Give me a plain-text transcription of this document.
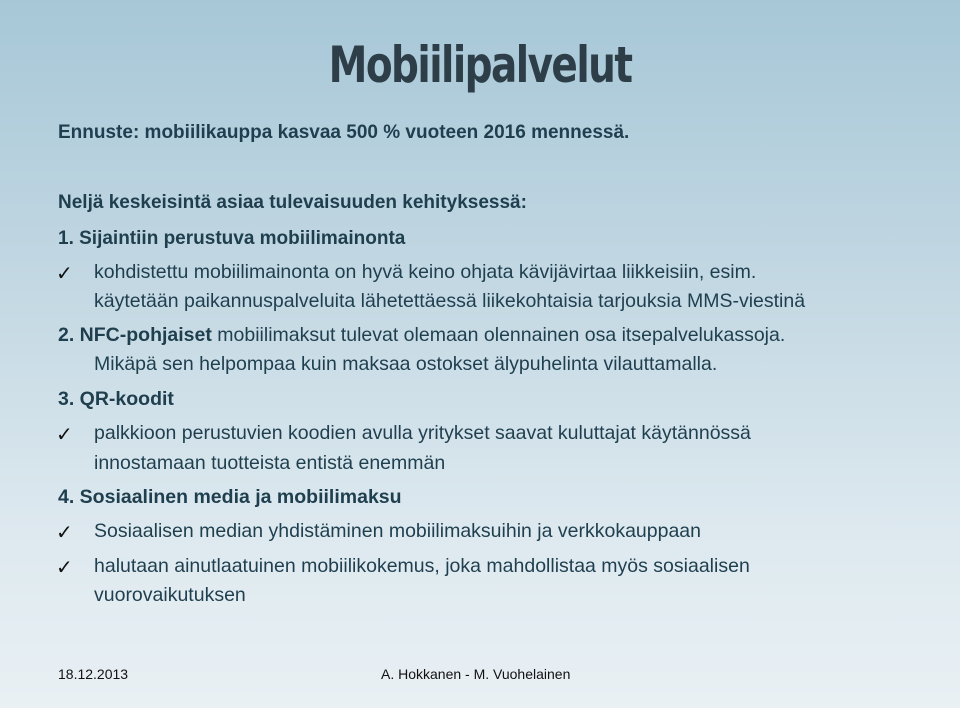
Mobiilipalvelut
Ennuste: mobiilikauppa kasvaa 500 % vuoteen 2016 mennessä.
Neljä keskeisintä asiaa tulevaisuuden kehityksessä:
1. Sijaintiin perustuva mobiilimainonta
✓ kohdistettu mobiilimainonta on hyvä keino ohjata kävijävirtaa liikkeisiin, esim.
käytetään paikannuspalveluita lähetettäessä liikekohtaisia tarjouksia MMS-viestinä
2. NFC-pohjaiset mobiilimaksut tulevat olemaan olennainen osa itsepalvelukassoja.
Mikäpä sen helpompaa kuin maksaa ostokset älypuhelinta vilauttamalla.
3. QR-koodit
✓ palkkioon perustuvien koodien avulla yritykset saavat kuluttajat käytännössä
innostamaan tuotteista entistä enemmän
4. Sosiaalinen media ja mobiilimaksu
✓ Sosiaalisen median yhdistäminen mobiilimaksuihin ja verkkokauppaan
✓ halutaan ainutlaatuinen mobiilikokemus, joka mahdollistaa myös sosiaalisen
vuorovaikutuksen
18.12.2013	A. Hokkanen - M. Vuohelainen
